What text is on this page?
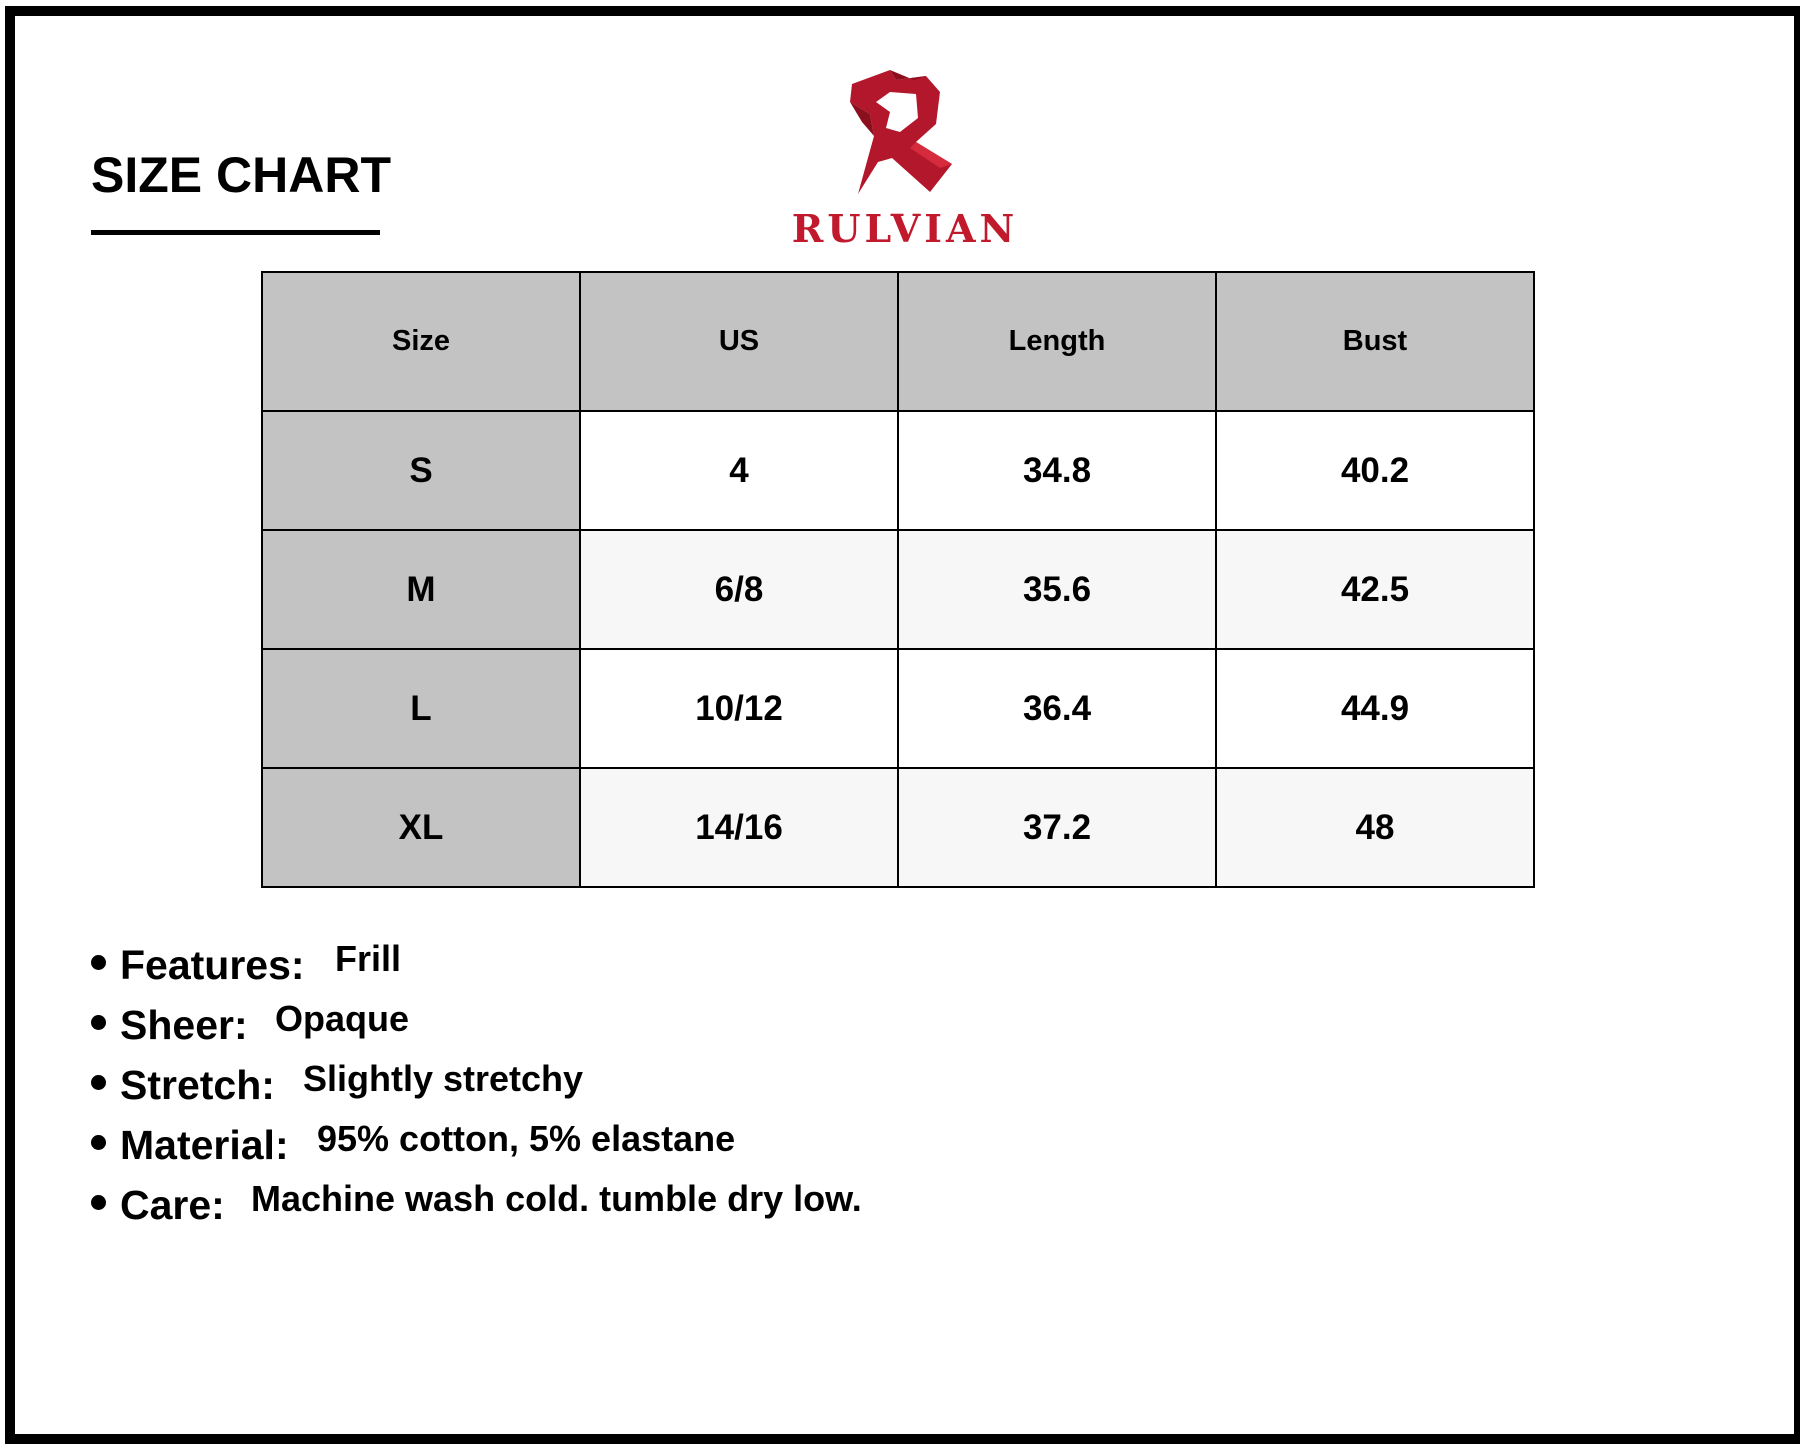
SIZE CHART
RULVIAN
Size	US	Length	Bust
S	4	34.8	40.2
M	6/8	35.6	42.5
L	10/12	36.4	44.9
XL	14/16	37.2	48
Features: Frill
Sheer: Opaque
Stretch: Slightly stretchy
Material: 95% cotton, 5% elastane
Care: Machine wash cold. tumble dry low.
